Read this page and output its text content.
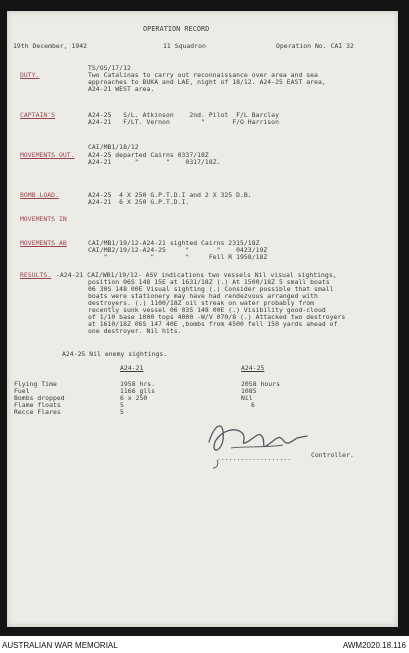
OPERATION RECORD
19th December, 1942	11 Squadron	Operation No. CAI 32
DUTY.
TS/OS/17/12
Two Catalinas to carry out reconnaissance over area and sea
approaches to BUKA and LAE, night of 18/12. A24-25 EAST area,
A24-21 WEST area.
CAPTAIN'S	A24-25   S/L. Atkinson    2nd. Pilot  F/L Barclay
A24-21   F/LT. Vernon        "       F/O Harrison
CAI/MB1/18/12
MOVEMENTS OUT. A24-25 departed Cairns 0337/18Z
A24-21      "       "    0317/18Z.
BOMB LOAD.	A24-25  4 X 250 G.P.T.D.I and 2 X 325 D.B.
A24-21  6 X 250 G.P.T.D.I.
MOVEMENTS IN
MOVEMENTS AB	CAI/MB1/19/12-A24-21 sighted Cairns 2315/18Z
CAI/MB2/19/12-A24-25     "       "    0423/19Z
"           "        "     Fell R 1958/18Z
RESULTS. -A24-21 CAI/WB1/19/12- ASV indications two vessels Nil visual sightings,
position 06S 148 15E at 1631/18Z (.) At 1500/18Z 5 small boats
06 30S 148 00E Visual sighting (.) Consider possible that small
boats were stationery may have had rendezvous arranged with
destroyers. (.) 1100/18Z oil streak on water probably from
recently sunk vessel 06 03S 148 00E (.) Visibility good-cloud
of 1/10 base 1000 tops 4000 -W/V 070/8 (.) Attacked two destroyers
at 1610/18Z 06S 147 40E ,bombs from 4500 fell 150 yards ahead of
one destroyer. Nil hits.
A24-25 Nil enemy sightings.
A24-21	A24-25
Flying Time	1958 hrs.	2058 hours
Fuel	1166 glls	1085
Bombs dropped	6 x 250	Nil
Flame floats	5	6
Recce Flares	5
...................	Controller.
AUSTRALIAN WAR MEMORIAL	AWM2020.18.116
